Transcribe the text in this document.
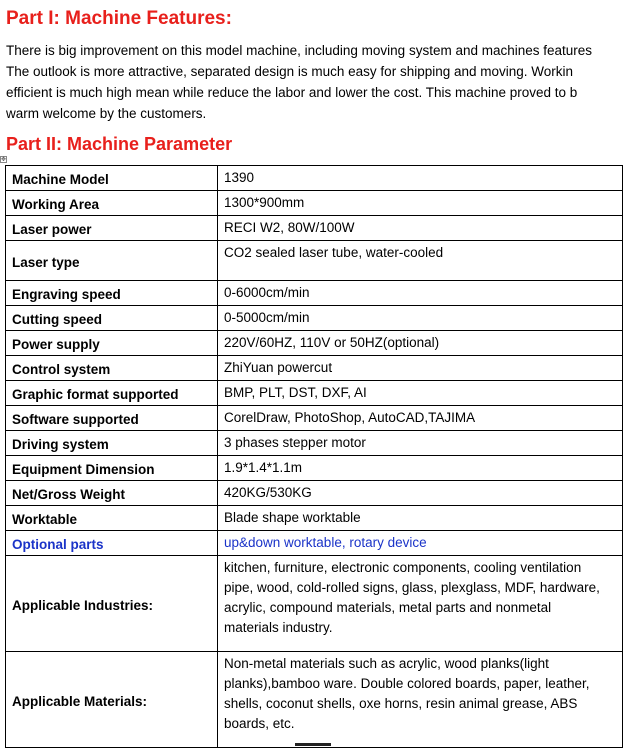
Part I: Machine Features:
There is big improvement on this model machine, including moving system and machines features
The outlook is more attractive, separated design is much easy for shipping and moving. Workin
efficient is much high mean while reduce the labor and lower the cost. This machine proved to b
warm welcome by the customers.
Part II: Machine Parameter
✥
Machine Model	1390
Working Area	1300*900mm
Laser power	RECI W2, 80W/100W
Laser type	CO2 sealed laser tube, water-cooled
Engraving speed	0-6000cm/min
Cutting speed	0-5000cm/min
Power supply	220V/60HZ, 110V or 50HZ(optional)
Control system	ZhiYuan powercut
Graphic format supported	BMP, PLT, DST, DXF, AI
Software supported	CorelDraw, PhotoShop, AutoCAD,TAJIMA
Driving system	3 phases stepper motor
Equipment Dimension	1.9*1.4*1.1m
Net/Gross Weight	420KG/530KG
Worktable	Blade shape worktable
Optional parts	up&down worktable, rotary device
Applicable Industries:	kitchen, furniture, electronic components, cooling ventilation
pipe, wood, cold-rolled signs, glass, plexglass, MDF, hardware,
acrylic, compound materials, metal parts and nonmetal
materials industry.

Applicable Materials:	Non-metal materials such as acrylic, wood planks(light
planks),bamboo ware. Double colored boards, paper, leather,
shells, coconut shells, oxe horns, resin animal grease, ABS
boards, etc.
